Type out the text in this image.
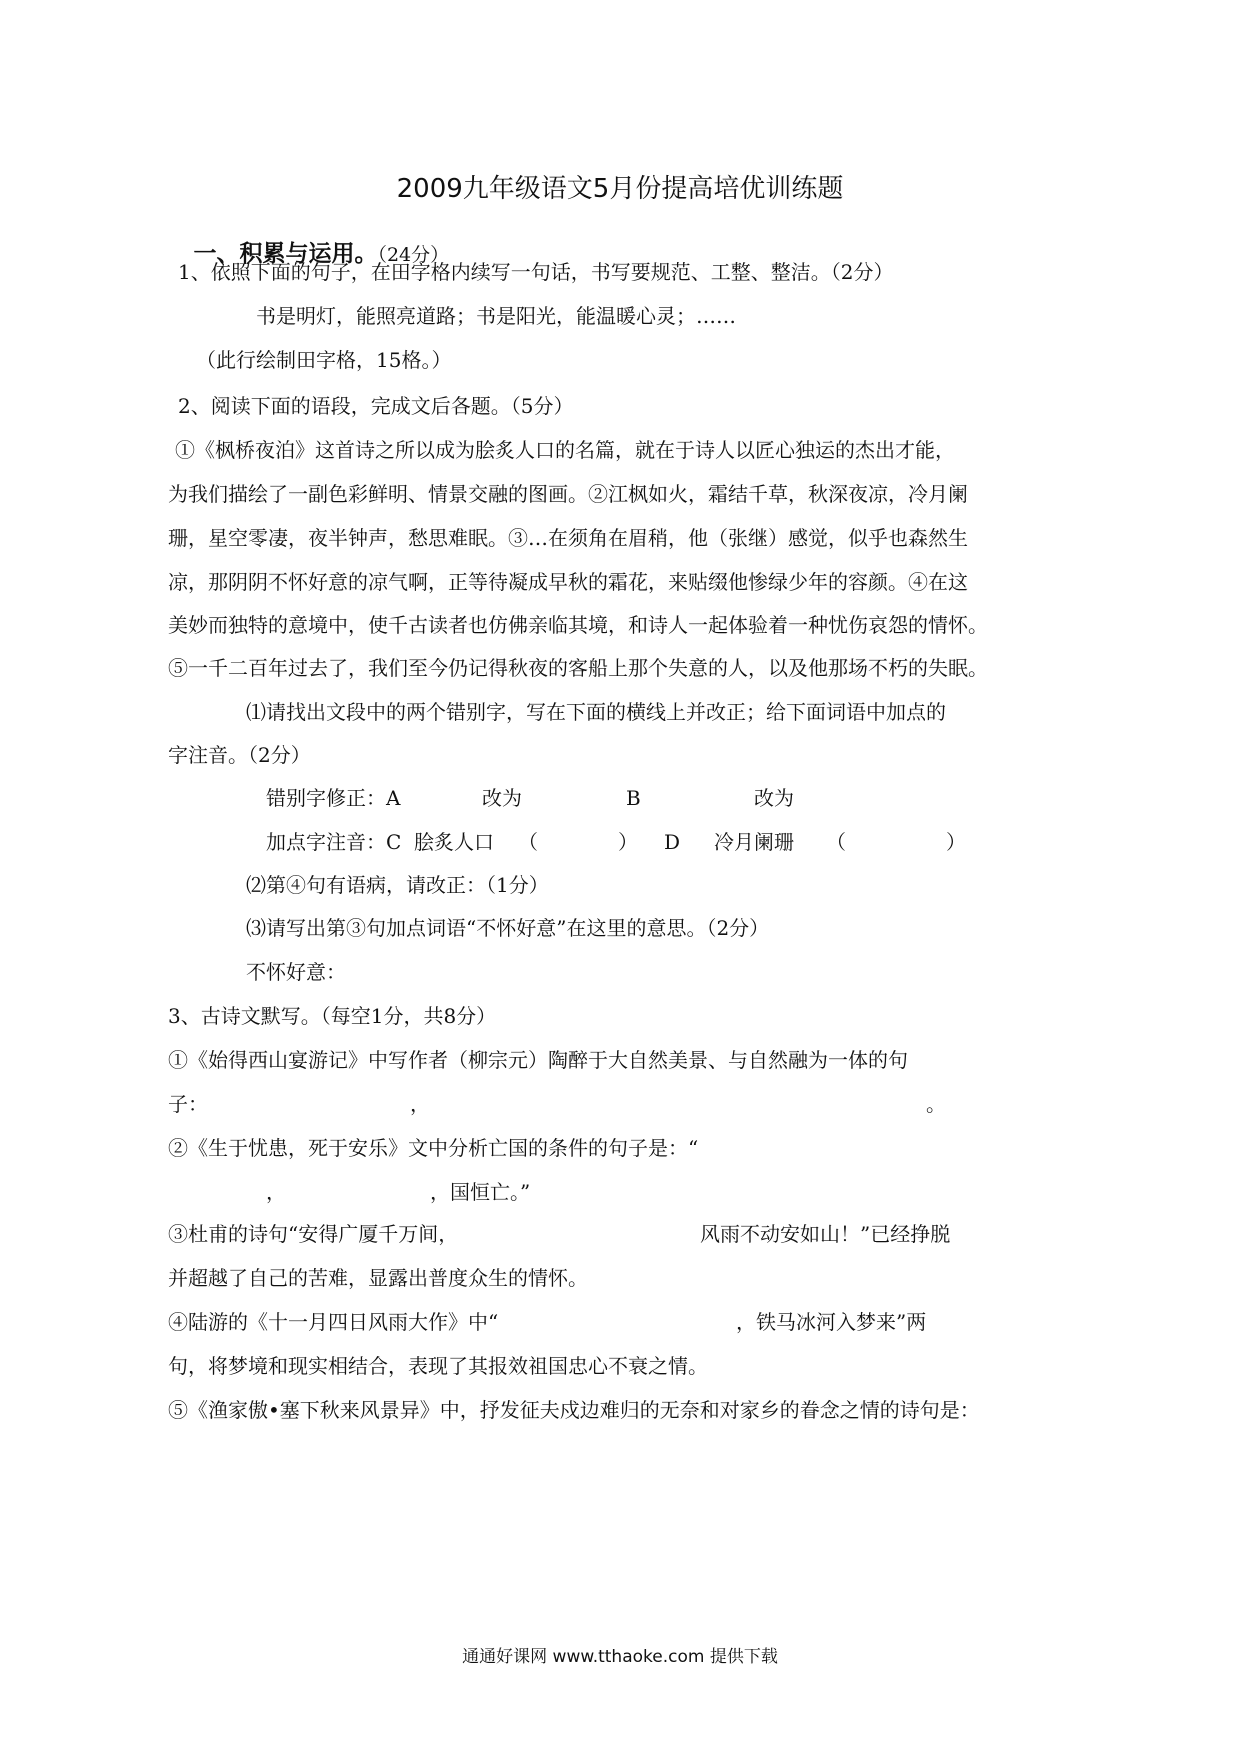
2009九年级语文5月份提高培优训练题

一、积累与运用。（24分）

1、依照下面的句子，在田字格内续写一句话，书写要规范、工整、整洁。（2分）
书是明灯，能照亮道路；书是阳光，能温暖心灵；……
（此行绘制田字格，15格。）
2、阅读下面的语段，完成文后各题。（5分）
①《枫桥夜泊》这首诗之所以成为脍炙人口的名篇，就在于诗人以匠心独运的杰出才能，
为我们描绘了一副色彩鲜明、情景交融的图画。②江枫如火，霜结千草，秋深夜凉，冷月阑
珊，星空零凄，夜半钟声，愁思难眠。③…在须角在眉稍，他（张继）感觉，似乎也森然生
凉，那阴阴不怀好意的凉气啊，正等待凝成早秋的霜花，来贴缀他惨绿少年的容颜。④在这
美妙而独特的意境中，使千古读者也仿佛亲临其境，和诗人一起体验着一种忧伤哀怨的情怀。
⑤一千二百年过去了，我们至今仍记得秋夜的客船上那个失意的人，以及他那场不朽的失眠。
⑴请找出文段中的两个错别字，写在下面的横线上并改正；给下面词语中加点的
字注音。（2分）
错别字修正：A	改为	B	改为
加点字注音：C 脍炙人口 （　　　　） D 冷月阑珊 （　　　　　）
⑵第④句有语病，请改正：（1分）
⑶请写出第③句加点词语“不怀好意”在这里的意思。（2分）
不怀好意：
3、古诗文默写。（每空1分，共8分）
①《始得西山宴游记》中写作者（柳宗元）陶醉于大自然美景、与自然融为一体的句
子：	，	。
②《生于忧患，死于安乐》文中分析亡国的条件的句子是：“
，	，国恒亡。”
③杜甫的诗句“安得广厦千万间，	风雨不动安如山！”已经挣脱
并超越了自己的苦难，显露出普度众生的情怀。
④陆游的《十一月四日风雨大作》中“	，铁马冰河入梦来”两
句，将梦境和现实相结合，表现了其报效祖国忠心不衰之情。
⑤《渔家傲•塞下秋来风景异》中，抒发征夫戍边难归的无奈和对家乡的眷念之情的诗句是：
通通好课网 www.tthaoke.com 提供下载
